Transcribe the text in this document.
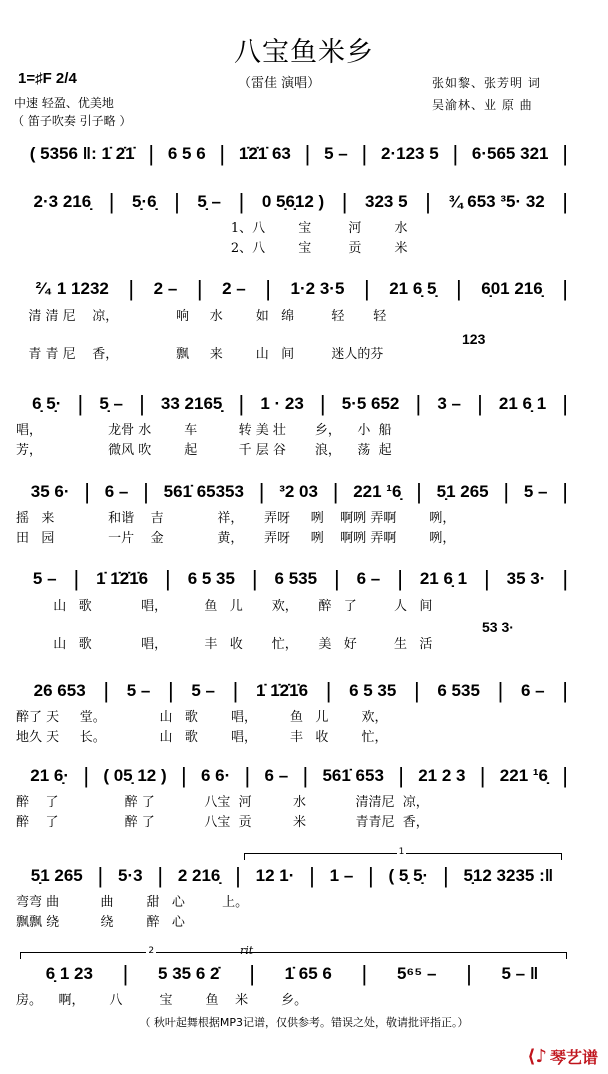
八宝鱼米乡
1=♯F 2/4	（雷佳 演唱）
中速 轻盈、优美地
（ 笛子吹奏 引子略 ）
张如黎、张芳明 词
吴渝林、业 原 曲
( 5356 ‖: 1̇ 2̇1̇ | 6 5 6 | 1̇2̇1̇ 63 | 5 – | 2·123 5 | 6·565 321 |
2·3 216̣ |	5̣·6̣ |	5̣ – |	0 5̣6̣12 ) |	323 5 |	¾ 653 ³5· 32 |
1、八        宝         河        水
2、八        宝         贡        米
²⁄₄ 1 1232 |	2 – |	2 – |	1·2 3·5 |	21 6̣ 5̣ |	6̣01 216̣ |
清 清 尼    凉，              响     水        如   绵         轻       轻
青 青 尼    香，              飘     来        山   间         迷人的芬
6̣ 5̣· | 5̣ – | 33 2165̣̣ | 1 · 23 | 5·5 652 | 3 – | 21 6̣ 1 |
唱，                龙骨 水        车          转 美 壮       乡，    小  船
芳，                微风 吹        起          千 层 谷       浪，    荡  起
35 6· | 6 – | 561̇ 65353 | ³2 03 | 221 ¹6̣ | 5̣1 265 | 5 – |
摇   来             和谐    吉             祥，     弄呀     咧    啊咧 弄啊        咧，
田   园             一片    金             黄，     弄呀     咧    啊咧 弄啊        咧，
5 – | 1̇ 1̇2̇1̇6 | 6 5 35 | 6 535 | 6 – | 21 6̣ 1 | 35 3· |
山   歌            唱，         鱼   儿       欢，     醉   了         人   间
山   歌            唱，         丰   收       忙，     美   好         生   活
26 653 |	5 – |	5 – |	1̇ 1̇2̇1̇6 |	6 5 35 |	6 535 |	6 – |
醉了 天     堂。             山   歌        唱，        鱼   儿        欢，
地久 天     长。             山   歌        唱，        丰   收        忙，
21 6̣· | ( 05̣ 12 ) | 6 6· | 6 – | 561̇ 653 | 21 2 3 | 221 ¹6̣ |
醉    了                醉 了            八宝  河          水            清清尼  凉，
醉    了                醉 了            八宝  贡          米            青青尼  香，
5̣1 265 | 5·3 | 2 216̣ | 12 1· | 1 – | ( 5̣ 5̣· | 5̣12 3235 :‖
弯弯 曲          曲        甜   心         上。
飘飘 绕          绕        醉   心
6̣ 1 23	|	5 35 6 2̇	|	1̇ 65 6	|	5⁶⁵ –	|	5 – ‖
房。    啊，      八         宝        鱼    米        乡。
123
53 3·
1
2	rit
（ 秋叶起舞根据MP3记谱，仅供参考。错误之处，敬请批评指正。）
⟨♪ 琴艺谱
